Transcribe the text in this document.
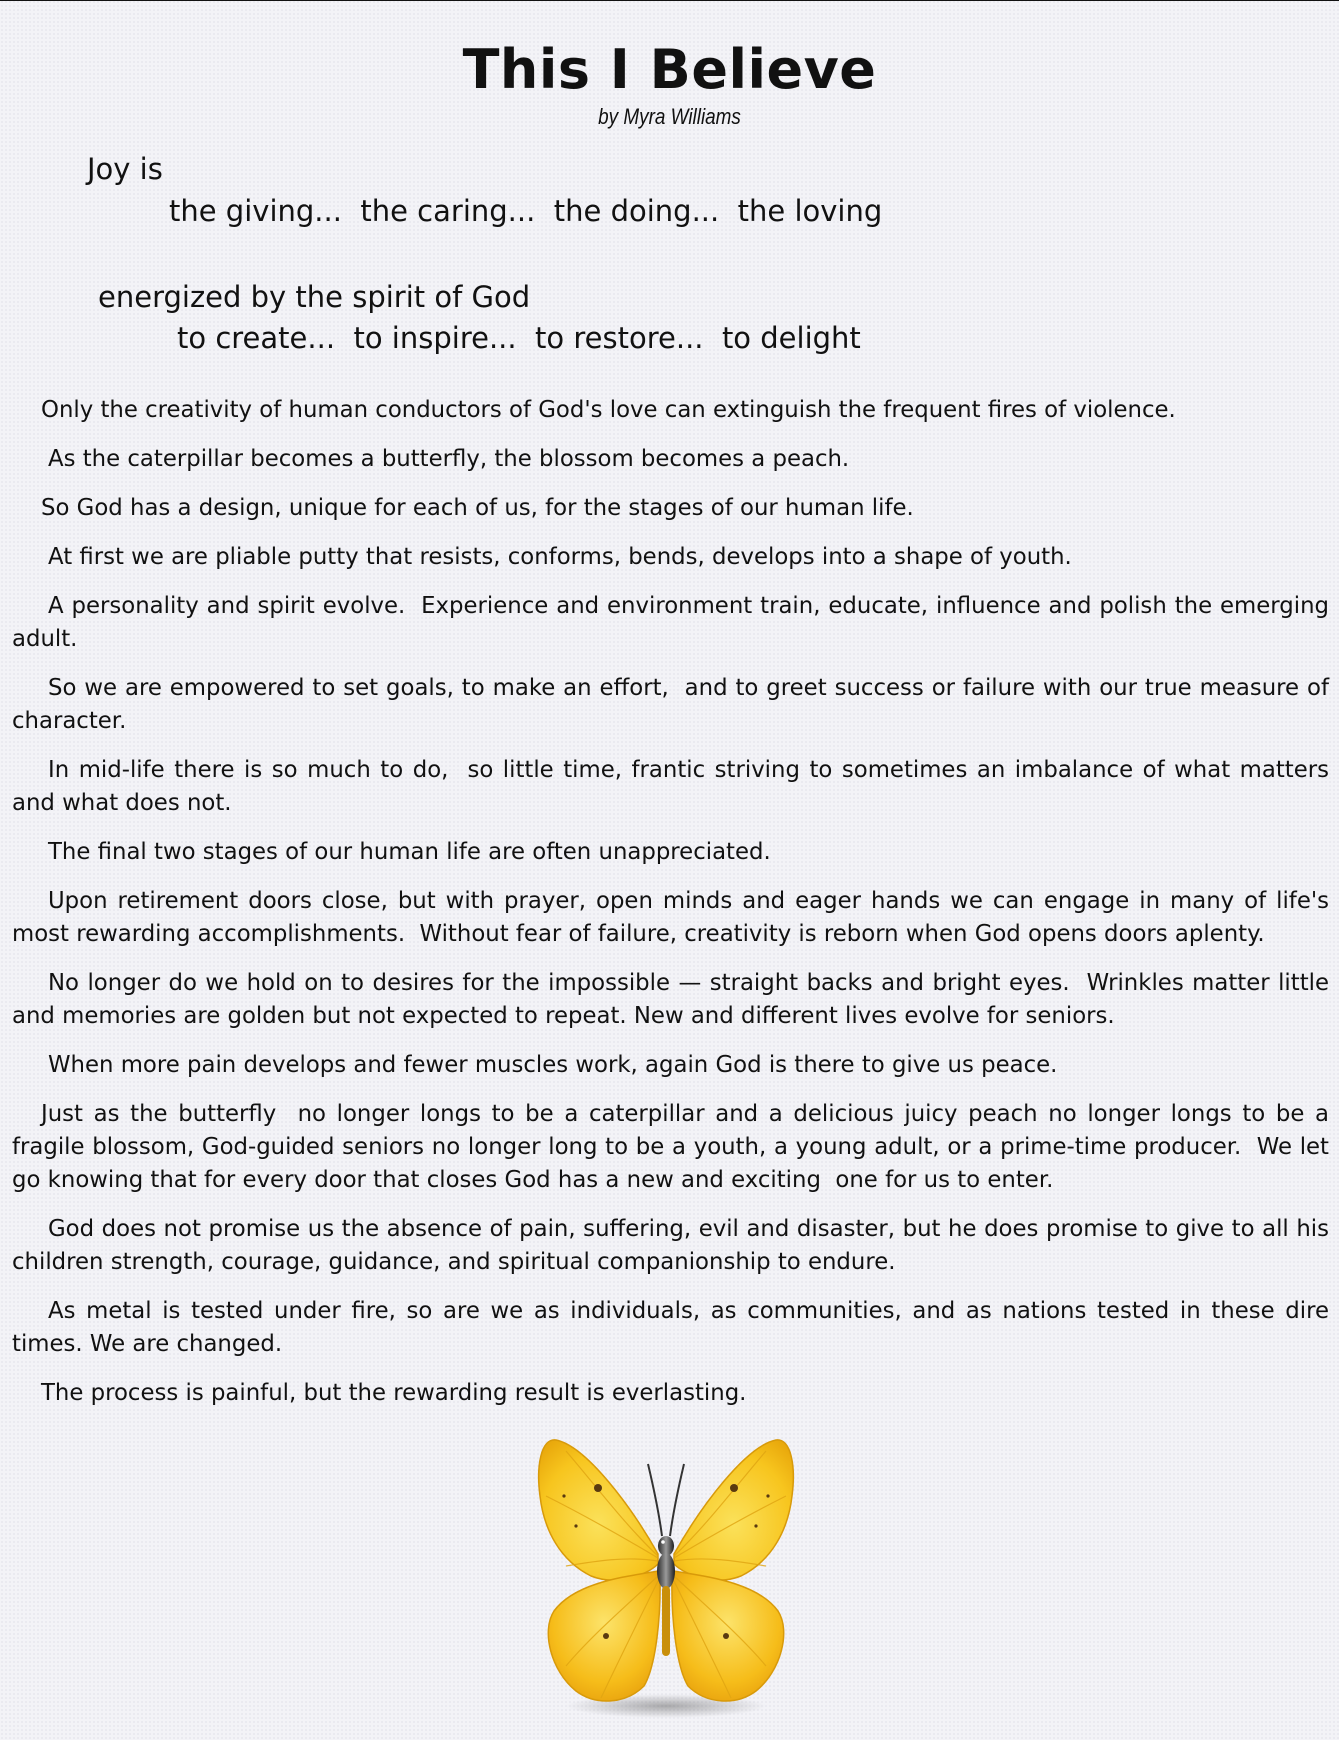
This I Believe
by Myra Williams
Joy is
the giving...  the caring...  the doing...  the loving
energized by the spirit of God
to create...  to inspire...  to restore...  to delight

Only the creativity of human conductors of God's love can extinguish the frequent fires of violence.

As the caterpillar becomes a butterfly, the blossom becomes a peach.

So God has a design, unique for each of us, for the stages of our human life.

At first we are pliable putty that resists, conforms, bends, develops into a shape of youth.

A personality and spirit evolve.  Experience and environment train, educate, influence and polish the emerging adult.

So we are empowered to set goals, to make an effort,  and to greet success or failure with our true measure of character.

In mid-life there is so much to do,  so little time, frantic striving to sometimes an imbalance of what matters and what does not.

The final two stages of our human life are often unappreciated.

Upon retirement doors close, but with prayer, open minds and eager hands we can engage in many of life's most rewarding accomplishments.  Without fear of failure, creativity is reborn when God opens doors aplenty.

No longer do we hold on to desires for the impossible — straight backs and bright eyes.  Wrinkles matter little and memories are golden but not expected to repeat. New and different lives evolve for seniors.

When more pain develops and fewer muscles work, again God is there to give us peace.

Just as the butterfly  no longer longs to be a caterpillar and a delicious juicy peach no longer longs to be a fragile blossom, God-guided seniors no longer long to be a youth, a young adult, or a prime-time producer.  We let go knowing that for every door that closes God has a new and exciting  one for us to enter.

God does not promise us the absence of pain, suffering, evil and disaster, but he does promise to give to all his children strength, courage, guidance, and spiritual companionship to endure.

As metal is tested under fire, so are we as individuals, as communities, and as nations tested in these dire times. We are changed.

The process is painful, but the rewarding result is everlasting.
